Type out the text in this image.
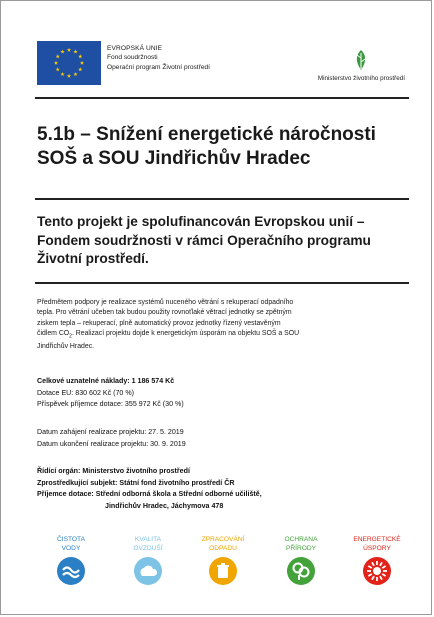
EVROPSKÁ UNIE
Fond soudržnosti
Operační program Životní prostředí
Ministerstvo životního prostředí
5.1b – Snížení energetické náročnosti
SOŠ a SOU Jindřichův Hradec
Tento projekt je spolufinancován Evropskou unií –
Fondem soudržnosti v rámci Operačního programu
Životní prostředí.
Předmětem podpory je realizace systémů nuceného větrání s rekuperací odpadního
tepla. Pro větrání učeben tak budou použity rovnoťlaké větrací jednotky se zpětným
ziskem tepla – rekuperací, plně automatický provoz jednotky řízený vestavěným
čidlem $CO_2$. Realizací projektu dojde k energetickým úsporám na objektu SOŠ a SOU
Jindřichův Hradec.
Celkové uznatelné náklady: 1 186 574 Kč
Dotace EU: 830 602 Kč (70 %)
Příspěvek příjemce dotace: 355 972 Kč (30 %)
Datum zahájení realizace projektu: 27. 5. 2019
Datum ukončení realizace projektu: 30. 9. 2019
Řídící orgán: Ministerstvo životního prostředí
Zprostředkující subjekt: Státní fond životního prostředí ČR
Příjemce dotace: Střední odborná škola a Střední odborné učiliště,
Jindřichův Hradec, Jáchymova 478
ČISTOTA
VODY
KVALITA
OVZDUŠÍ
ZPRACOVÁNÍ
ODPADU
OCHRANA
PŘÍRODY
ENERGETICKÉ
ÚSPORY
